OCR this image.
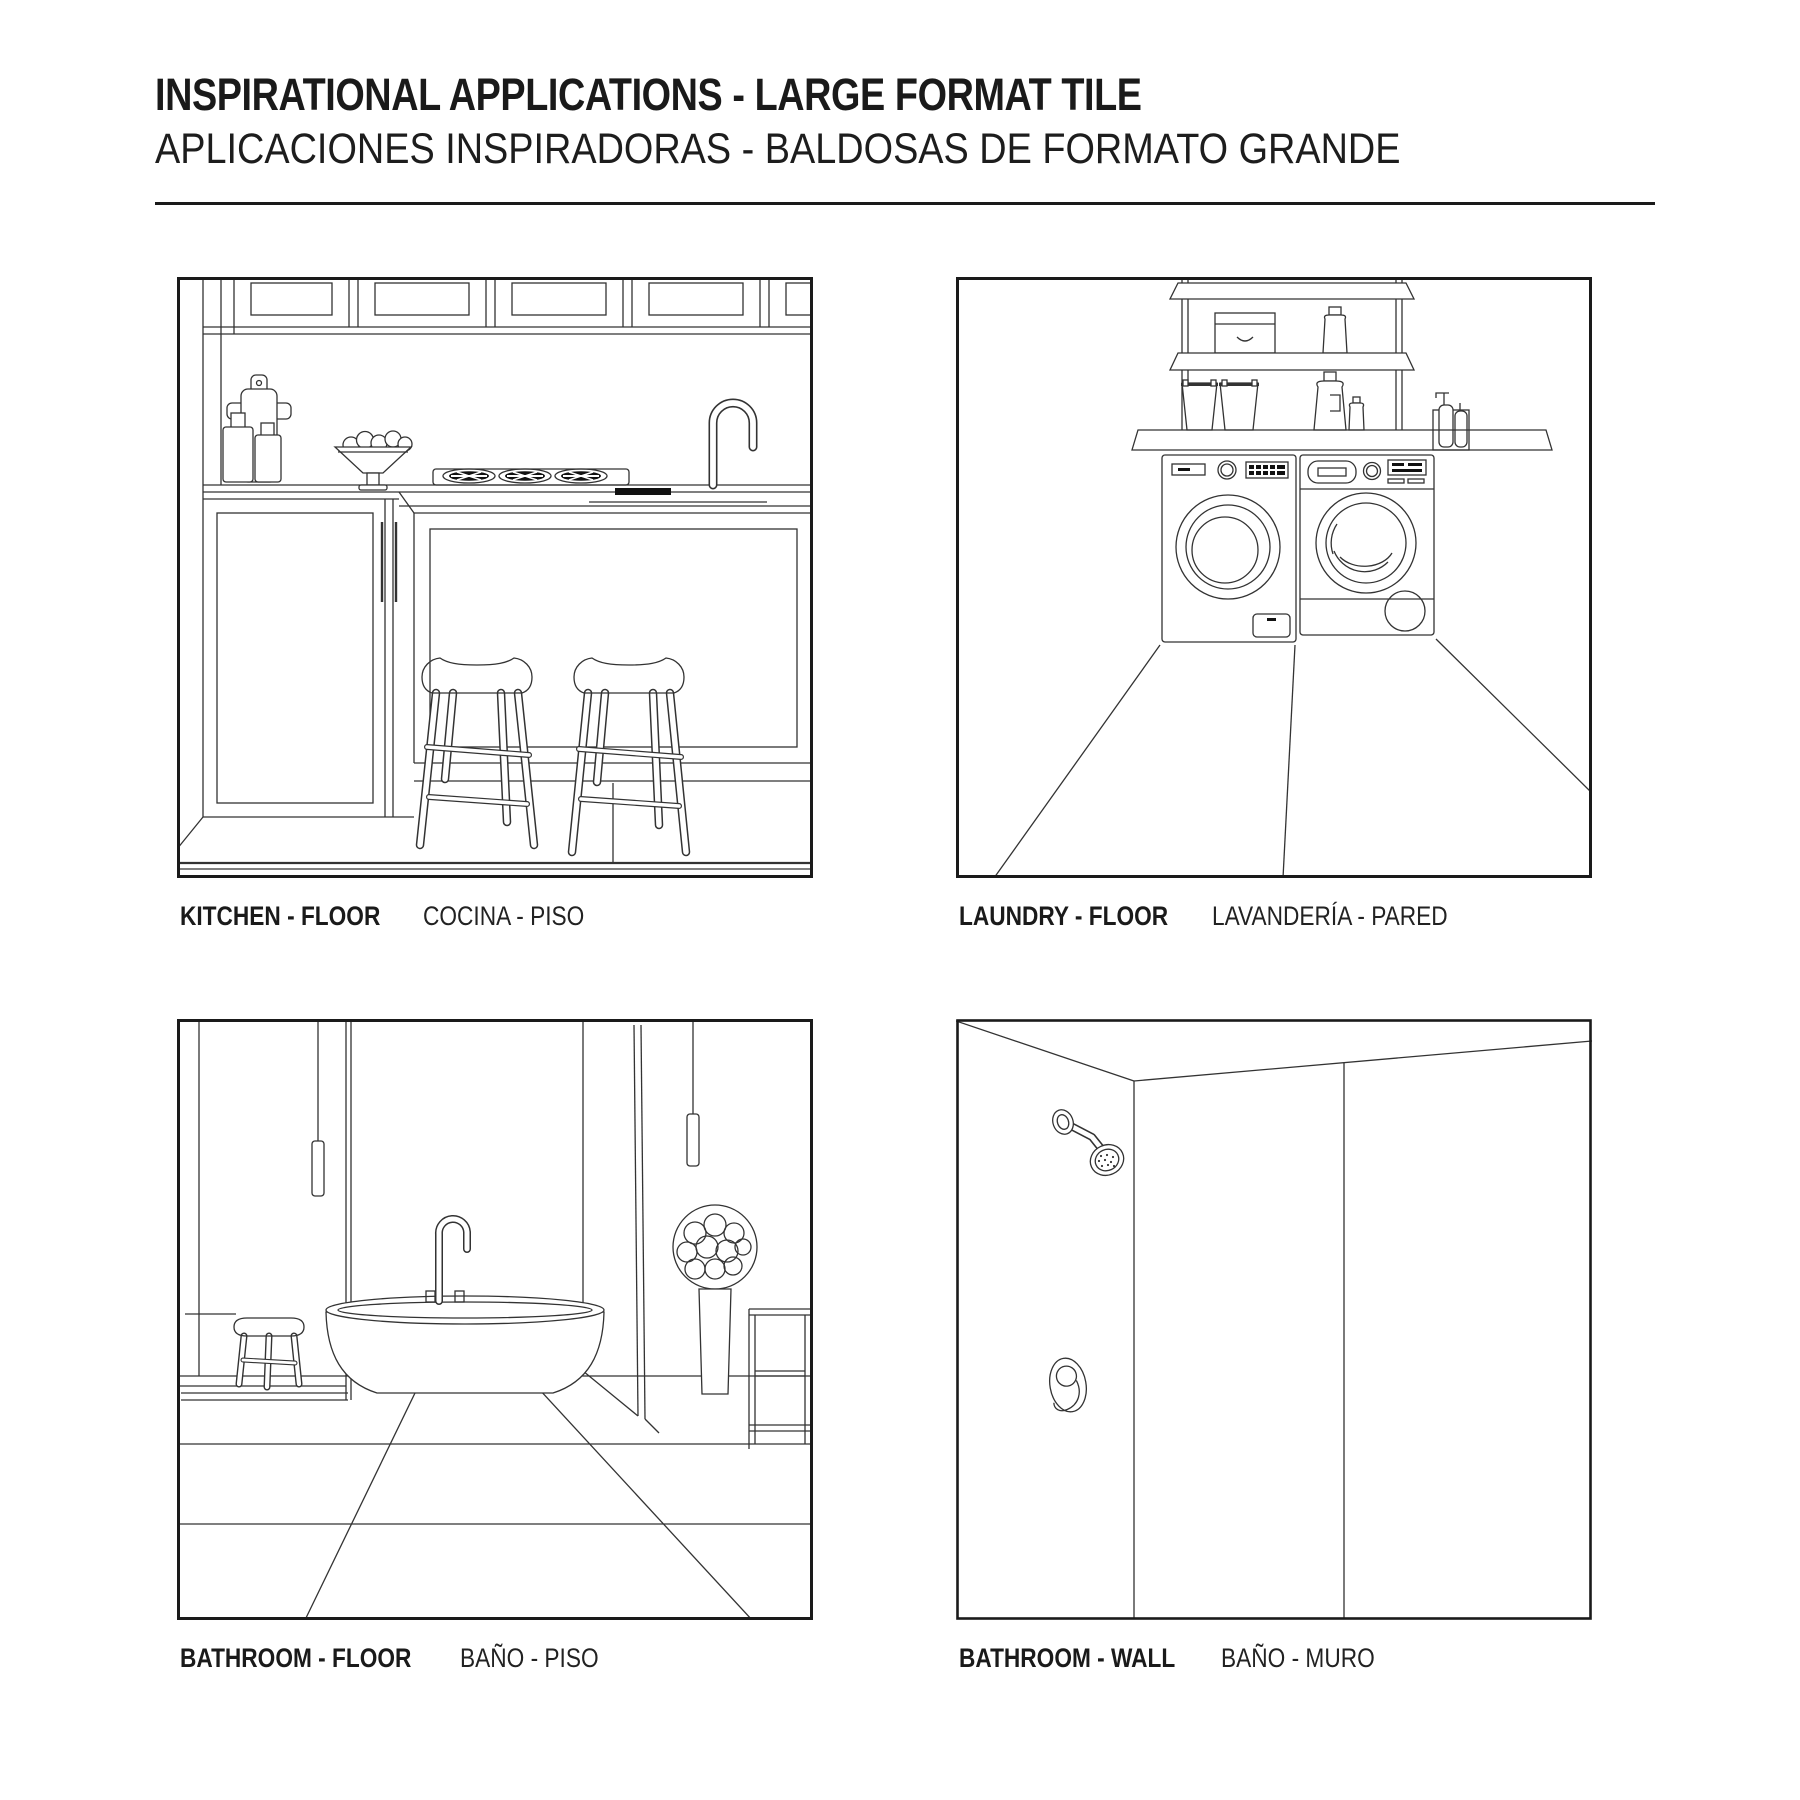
INSPIRATIONAL APPLICATIONS - LARGE FORMAT TILE
APLICACIONES INSPIRADORAS - BALDOSAS DE FORMATO GRANDE

KITCHEN - FLOOR

COCINA - PISO	LAUNDRY - FLOOR

LAVANDERÍA - PARED

BATHROOM - FLOOR

BAÑO - PISO	BATHROOM - WALL

BAÑO - MURO
